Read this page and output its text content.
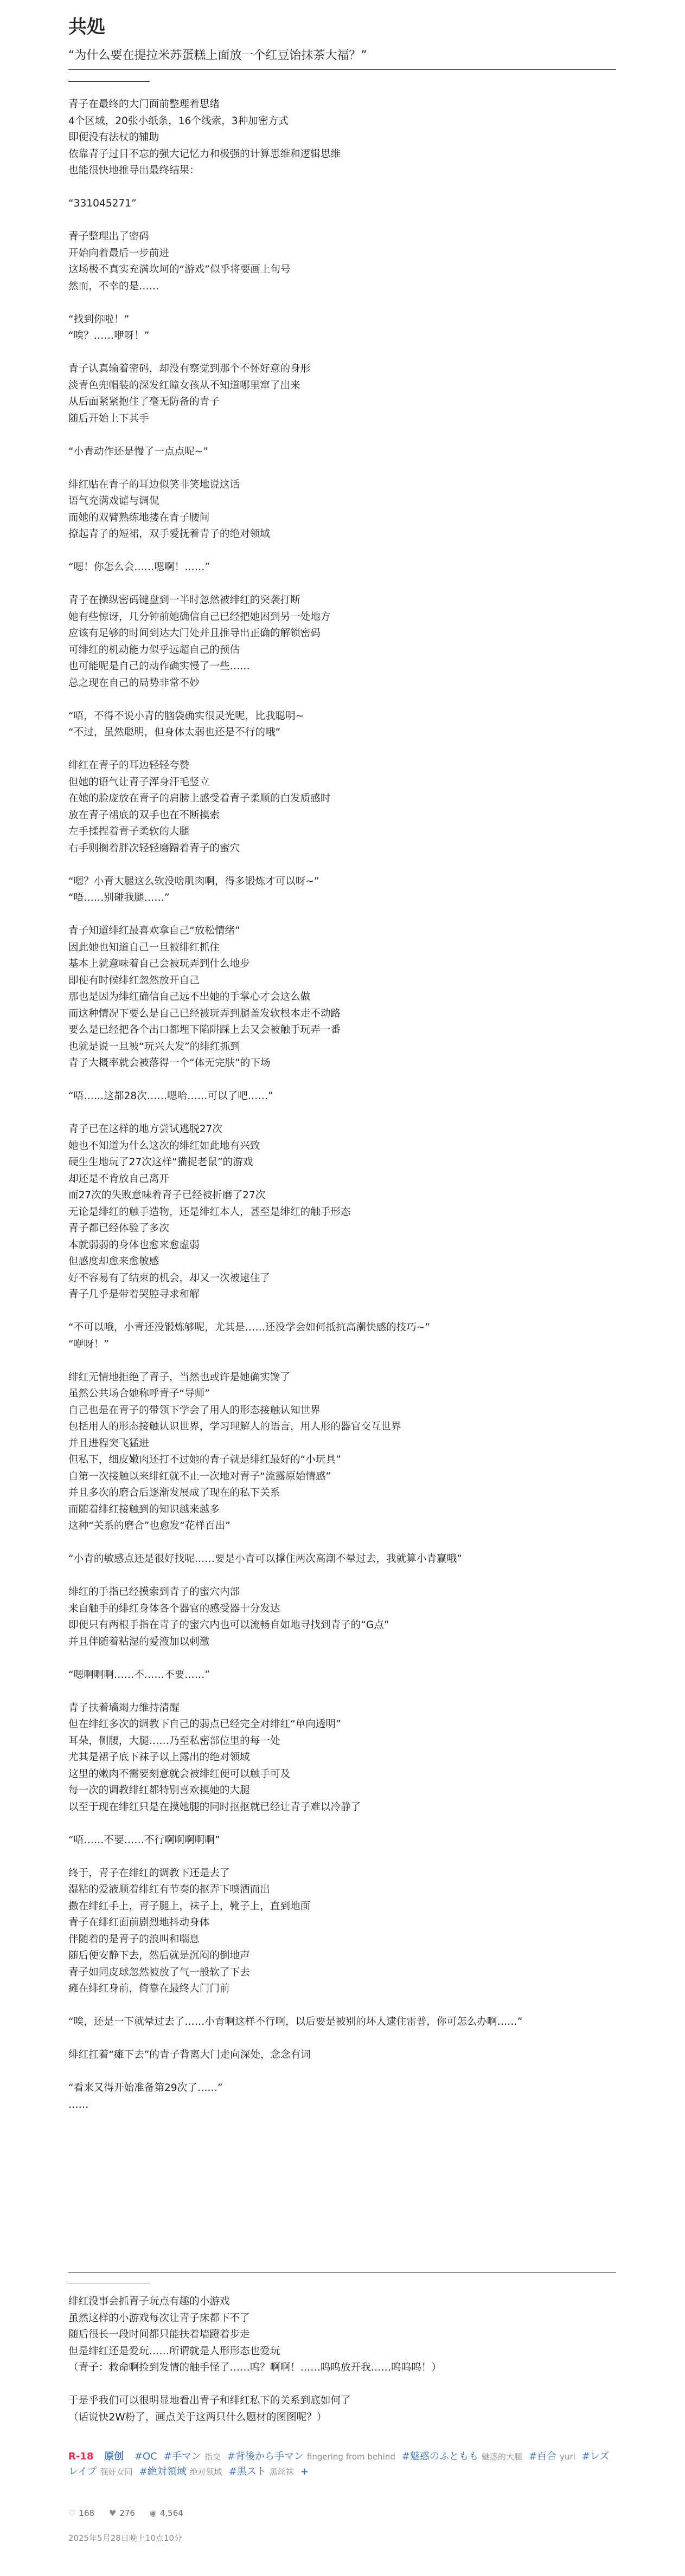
共処
“为什么要在提拉米苏蛋糕上面放一个红豆饴抹茶大福？”

青子在最终的大门面前整理着思绪
4个区域，20张小纸条，16个线索，3种加密方式
即便没有法杖的辅助
依靠青子过目不忘的强大记忆力和极强的计算思维和逻辑思维
也能很快地推导出最终结果：

“331045271”

青子整理出了密码
开始向着最后一步前进
这场极不真实充满坎坷的“游戏”似乎将要画上句号
然而，不幸的是……

“找到你啦！”
“唉？……咿呀！”

青子认真输着密码，却没有察觉到那个不怀好意的身形
淡青色兜帽装的深发红瞳女孩从不知道哪里窜了出来
从后面紧紧抱住了毫无防备的青子
随后开始上下其手

“小青动作还是慢了一点点呢~”

绯红贴在青子的耳边似笑非笑地说这话
语气充满戏谑与调侃
而她的双臂熟练地搂在青子腰间
撩起青子的短裙，双手爱抚着青子的绝对领域

“嗯！你怎么会……嗯啊！……”

青子在操纵密码键盘到一半时忽然被绯红的突袭打断
她有些惊讶，几分钟前她确信自己已经把她困到另一处地方
应该有足够的时间到达大门处并且推导出正确的解锁密码
可绯红的机动能力似乎远超自己的预估
也可能呢是自己的动作确实慢了一些……
总之现在自己的局势非常不妙

“唔，不得不说小青的脑袋确实很灵光呢，比我聪明~
“不过，虽然聪明，但身体太弱也还是不行的哦”

绯红在青子的耳边轻轻夸赞
但她的语气让青子浑身汗毛竖立
在她的脸庞放在青子的肩膀上感受着青子柔顺的白发质感时
放在青子裙底的双手也在不断摸索
左手揉捏着青子柔软的大腿
右手则搁着胖次轻轻磨蹭着青子的蜜穴

“嗯？小青大腿这么软没啥肌肉啊，得多锻炼才可以呀~”
“唔……别碰我腿……”

青子知道绯红最喜欢拿自己“放松情绪”
因此她也知道自己一旦被绯红抓住
基本上就意味着自己会被玩弄到什么地步
即使有时候绯红忽然放开自己
那也是因为绯红确信自己远不出她的手掌心才会这么做
而这种情况下要么是自己已经被玩弄到腿盖发软根本走不动路
要么是已经把各个出口都埋下陷阱踩上去又会被触手玩弄一番
也就是说一旦被“玩兴大发”的绯红抓到
青子大概率就会被落得一个“体无完肤”的下场

“唔……这都28次……嗯哈……可以了吧……”

青子已在这样的地方尝试逃脱27次
她也不知道为什么这次的绯红如此地有兴致
硬生生地玩了27次这样“猫捉老鼠”的游戏
却还是不肯放自己离开
而27次的失败意味着青子已经被折磨了27次
无论是绯红的触手造物，还是绯红本人，甚至是绯红的触手形态
青子都已经体验了多次
本就弱弱的身体也愈来愈虚弱
但感度却愈来愈敏感
好不容易有了结束的机会，却又一次被逮住了
青子几乎是带着哭腔寻求和解

“不可以哦，小青还没锻炼够呢，尤其是……还没学会如何抵抗高潮快感的技巧~”
“咿呀！”

绯红无情地拒绝了青子，当然也或许是她确实馋了
虽然公共场合她称呼青子“导师”
自己也是在青子的带领下学会了用人的形态接触认知世界
包括用人的形态接触认识世界，学习理解人的语言，用人形的器官交互世界
并且进程突飞猛进
但私下，细皮嫩肉还打不过她的青子就是绯红最好的“小玩具”
自第一次接触以来绯红就不止一次地对青子“流露原始情感”
并且多次的磨合后逐渐发展成了现在的私下关系
而随着绯红接触到的知识越来越多
这种“关系的磨合”也愈发“花样百出”

“小青的敏感点还是很好找呢……要是小青可以撑住两次高潮不晕过去，我就算小青赢哦”

绯红的手指已经摸索到青子的蜜穴内部
来自触手的绯红身体各个器官的感受器十分发达
即便只有两根手指在青子的蜜穴内也可以流畅自如地寻找到青子的“G点”
并且伴随着粘湿的爱液加以刺激

“嗯啊啊啊……不……不要……”

青子扶着墙竭力维持清醒
但在绯红多次的调教下自己的弱点已经完全对绯红“单向透明”
耳朵，侧腰，大腿……乃至私密部位里的每一处
尤其是裙子底下袜子以上露出的绝对领域
这里的嫩肉不需要刻意就会被绯红便可以触手可及
每一次的调教绯红都特别喜欢摸她的大腿
以至于现在绯红只是在摸她腿的同时抠抠就已经让青子难以冷静了

“唔……不要……不行啊啊啊啊啊”

终于，青子在绯红的调教下还是去了
湿粘的爱液顺着绯红有节奏的抠弄下喷洒而出
撒在绯红手上，青子腿上，袜子上，靴子上，直到地面
青子在绯红面前剧烈地抖动身体
伴随着的是青子的浪叫和喘息
随后便安静下去，然后就是沉闷的倒地声
青子如同皮球忽然被放了气一般软了下去
瘫在绯红身前，倚靠在最终大门门前

“唉，还是一下就晕过去了……小青啊这样不行啊，以后要是被别的坏人逮住雷普，你可怎么办啊……”

绯红扛着“瘫下去”的青子背离大门走向深处，念念有词

“看来又得开始准备第29次了……”
……

绯红没事会抓青子玩点有趣的小游戏
虽然这样的小游戏每次让青子床都下不了
随后很长一段时间都只能扶着墙蹬着步走
但是绯红还是爱玩……所谓就是人形形态也爱玩
（青子：救命啊捡到发情的触手怪了……呜？啊啊！……呜呜放开我……呜呜呜！）

于是乎我们可以很明显地看出青子和绯红私下的关系到底如何了
（话说快2W粉了，画点关于这两只什么题材的图图呢？）
R-18 原创 #OC #手マン 指交 #背後から手マン fingering from behind #魅惑のふともも 魅惑的大腿 #百合 yuri #レズレイプ 强奸女同 #絶対領域 绝对领域 #黒スト 黑丝袜 +
♡ 168 ♥ 276 ◉ 4,564
2025年5月28日晚上10点10分
